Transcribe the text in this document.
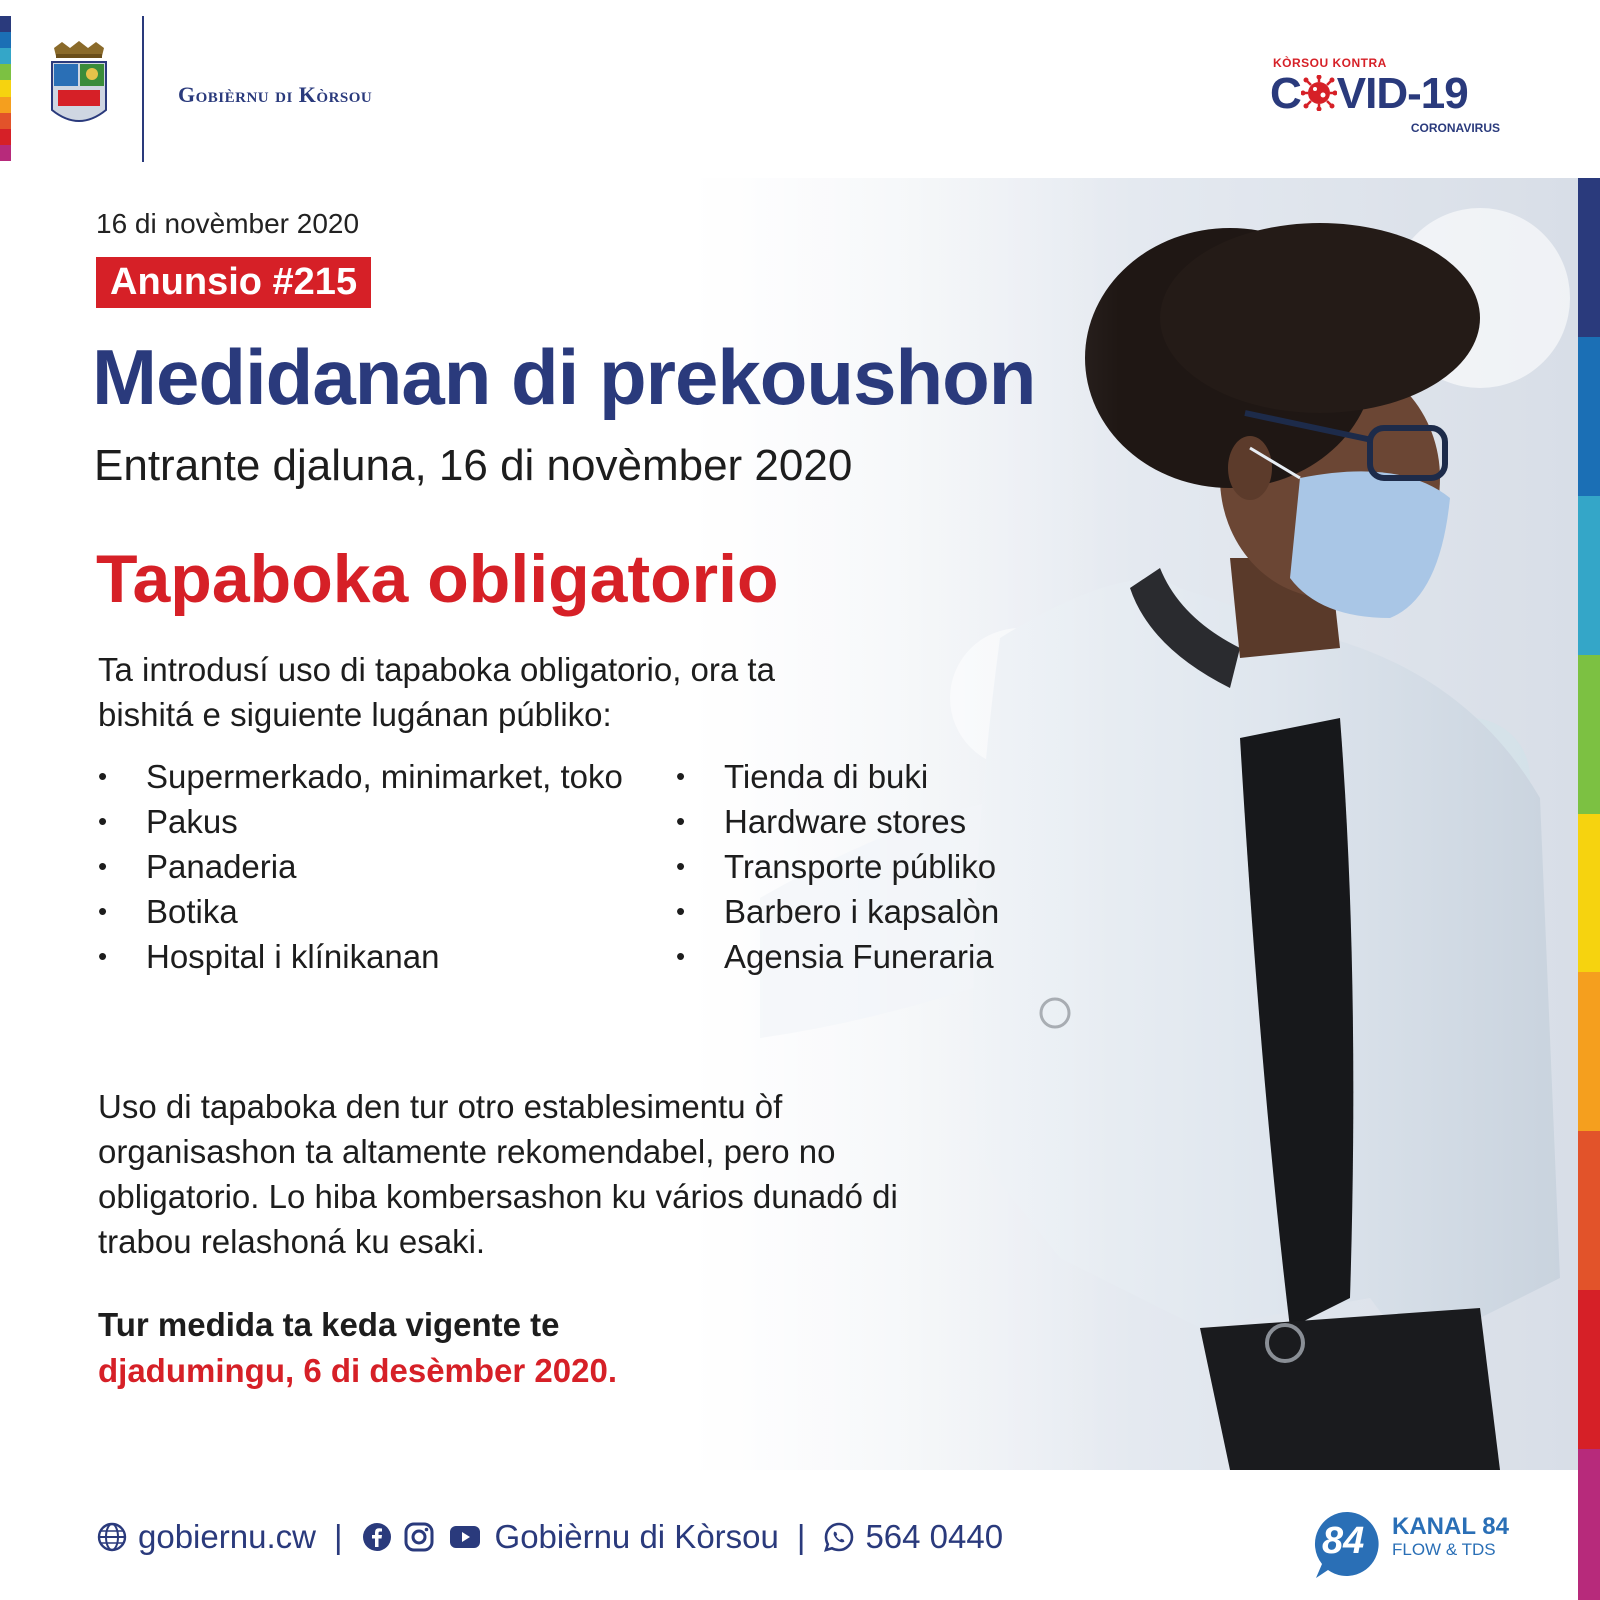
Gobièrnu di Kòrsou
KÒRSOU KONTRA
C VID-19
CORONAVIRUS
16 di novèmber 2020
Anunsio #215
Medidanan di prekoushon
Entrante djaluna, 16 di novèmber 2020
Tapaboka obligatorio
Ta introdusí uso di tapaboka obligatorio, ora ta bishitá e siguiente lugánan públiko:
• Supermerkado, minimarket, toko
• Pakus
• Panaderia
• Botika
• Hospital i klínikanan
• Tienda di buki
• Hardware stores
• Transporte públiko
• Barbero i kapsalòn
• Agensia Funeraria
Uso di tapaboka den tur otro establesimentu òf organisashon ta altamente rekomendabel, pero no obligatorio. Lo hiba kombersashon ku vários dunadó di trabou relashoná ku esaki.
Tur medida ta keda vigente te
djadumingu, 6 di desèmber 2020.
gobiernu.cw |	Gobièrnu di Kòrsou | 564 0440	84 KANAL 84
FLOW & TDS
